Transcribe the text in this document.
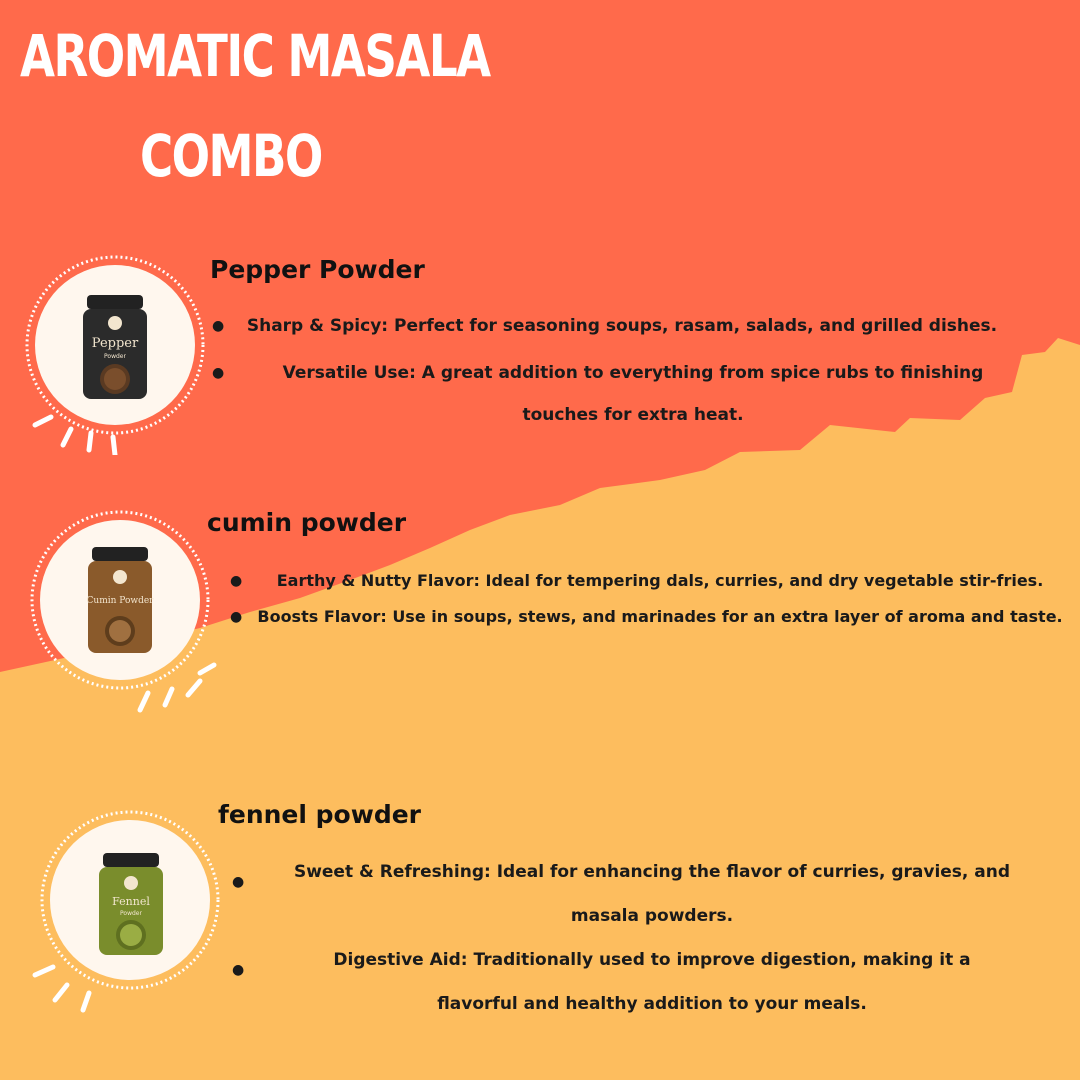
AROMATIC MASALA
COMBO
Pepper
Powder
Pepper Powder
● Sharp & Spicy: Perfect for seasoning soups, rasam, salads, and grilled dishes.
●	Versatile Use: A great addition to everything from spice rubs to finishing touches for extra heat.
Cumin Powder
cumin powder
●	Earthy & Nutty Flavor: Ideal for tempering dals, curries, and dry vegetable stir-fries.
● Boosts Flavor: Use in soups, stews, and marinades for an extra layer of aroma and taste.
Fennel
Powder
fennel powder
●	Sweet & Refreshing: Ideal for enhancing the flavor of curries, gravies, and masala powders.
●	Digestive Aid: Traditionally used to improve digestion, making it a flavorful and healthy addition to your meals.
